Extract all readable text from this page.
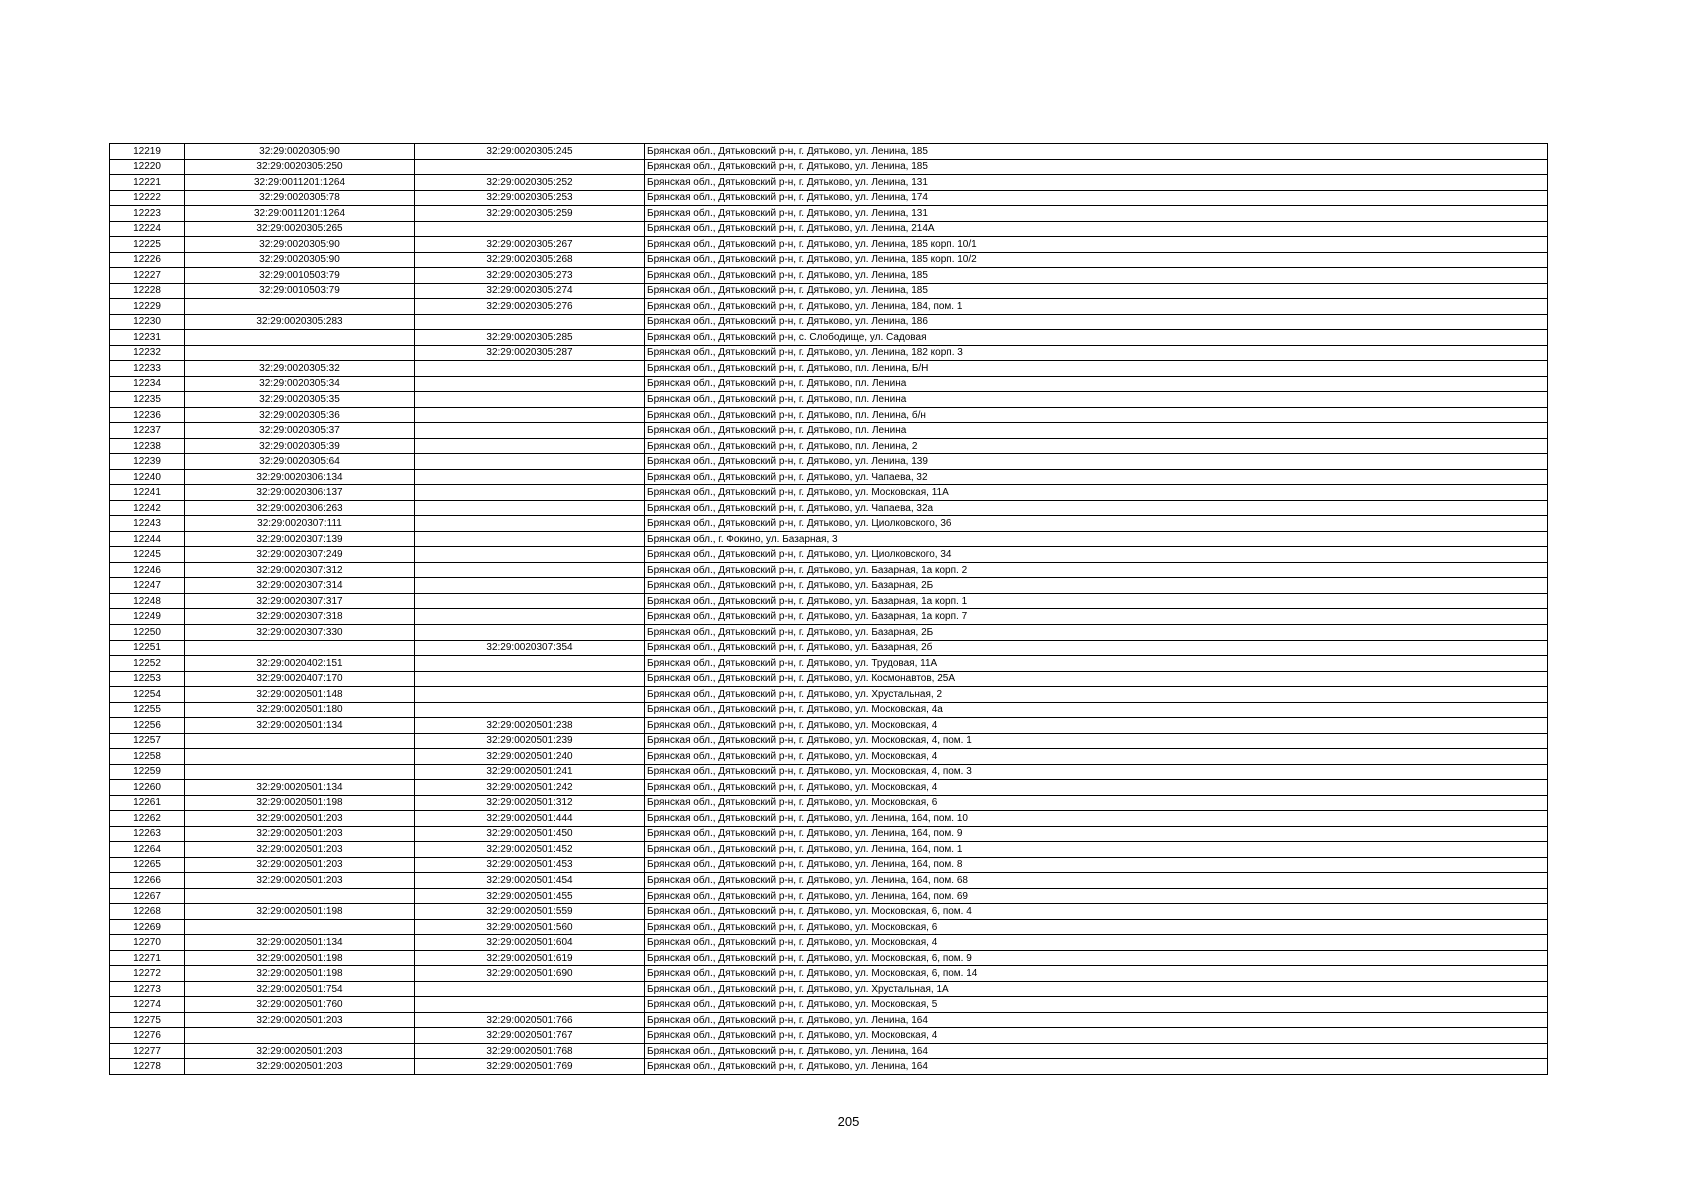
12219	32:29:0020305:90	32:29:0020305:245	Брянская обл., Дятьковский р-н, г. Дятьково, ул. Ленина, 185
12220	32:29:0020305:250		Брянская обл., Дятьковский р-н, г. Дятьково, ул. Ленина, 185
12221	32:29:0011201:1264	32:29:0020305:252	Брянская обл., Дятьковский р-н, г. Дятьково, ул. Ленина, 131
12222	32:29:0020305:78	32:29:0020305:253	Брянская обл., Дятьковский р-н, г. Дятьково, ул. Ленина, 174
12223	32:29:0011201:1264	32:29:0020305:259	Брянская обл., Дятьковский р-н, г. Дятьково, ул. Ленина, 131
12224	32:29:0020305:265		Брянская обл., Дятьковский р-н, г. Дятьково, ул. Ленина, 214А
12225	32:29:0020305:90	32:29:0020305:267	Брянская обл., Дятьковский р-н, г. Дятьково, ул. Ленина, 185 корп. 10/1
12226	32:29:0020305:90	32:29:0020305:268	Брянская обл., Дятьковский р-н, г. Дятьково, ул. Ленина, 185 корп. 10/2
12227	32:29:0010503:79	32:29:0020305:273	Брянская обл., Дятьковский р-н, г. Дятьково, ул. Ленина, 185
12228	32:29:0010503:79	32:29:0020305:274	Брянская обл., Дятьковский р-н, г. Дятьково, ул. Ленина, 185
12229		32:29:0020305:276	Брянская обл., Дятьковский р-н, г. Дятьково, ул. Ленина, 184, пом. 1
12230	32:29:0020305:283		Брянская обл., Дятьковский р-н, г. Дятьково, ул. Ленина, 186
12231		32:29:0020305:285	Брянская обл., Дятьковский р-н, с. Слободище, ул. Садовая
12232		32:29:0020305:287	Брянская обл., Дятьковский р-н, г. Дятьково, ул. Ленина, 182 корп. 3
12233	32:29:0020305:32		Брянская обл., Дятьковский р-н, г. Дятьково, пл. Ленина, Б/Н
12234	32:29:0020305:34		Брянская обл., Дятьковский р-н, г. Дятьково, пл. Ленина
12235	32:29:0020305:35		Брянская обл., Дятьковский р-н, г. Дятьково, пл. Ленина
12236	32:29:0020305:36		Брянская обл., Дятьковский р-н, г. Дятьково, пл. Ленина, б/н
12237	32:29:0020305:37		Брянская обл., Дятьковский р-н, г. Дятьково, пл. Ленина
12238	32:29:0020305:39		Брянская обл., Дятьковский р-н, г. Дятьково, пл. Ленина, 2
12239	32:29:0020305:64		Брянская обл., Дятьковский р-н, г. Дятьково, ул. Ленина, 139
12240	32:29:0020306:134		Брянская обл., Дятьковский р-н, г. Дятьково, ул. Чапаева, 32
12241	32:29:0020306:137		Брянская обл., Дятьковский р-н, г. Дятьково, ул. Московская, 11А
12242	32:29:0020306:263		Брянская обл., Дятьковский р-н, г. Дятьково, ул. Чапаева, 32а
12243	32:29:0020307:111		Брянская обл., Дятьковский р-н, г. Дятьково, ул. Циолковского, 36
12244	32:29:0020307:139		Брянская обл., г. Фокино, ул. Базарная, 3
12245	32:29:0020307:249		Брянская обл., Дятьковский р-н, г. Дятьково, ул. Циолковского, 34
12246	32:29:0020307:312		Брянская обл., Дятьковский р-н, г. Дятьково, ул. Базарная, 1а корп. 2
12247	32:29:0020307:314		Брянская обл., Дятьковский р-н, г. Дятьково, ул. Базарная, 2Б
12248	32:29:0020307:317		Брянская обл., Дятьковский р-н, г. Дятьково, ул. Базарная, 1а корп. 1
12249	32:29:0020307:318		Брянская обл., Дятьковский р-н, г. Дятьково, ул. Базарная, 1а корп. 7
12250	32:29:0020307:330		Брянская обл., Дятьковский р-н, г. Дятьково, ул. Базарная, 2Б
12251		32:29:0020307:354	Брянская обл., Дятьковский р-н, г. Дятьково, ул. Базарная, 2б
12252	32:29:0020402:151		Брянская обл., Дятьковский р-н, г. Дятьково, ул. Трудовая, 11А
12253	32:29:0020407:170		Брянская обл., Дятьковский р-н, г. Дятьково, ул. Космонавтов, 25А
12254	32:29:0020501:148		Брянская обл., Дятьковский р-н, г. Дятьково, ул. Хрустальная, 2
12255	32:29:0020501:180		Брянская обл., Дятьковский р-н, г. Дятьково, ул. Московская, 4а
12256	32:29:0020501:134	32:29:0020501:238	Брянская обл., Дятьковский р-н, г. Дятьково, ул. Московская, 4
12257		32:29:0020501:239	Брянская обл., Дятьковский р-н, г. Дятьково, ул. Московская, 4, пом. 1
12258		32:29:0020501:240	Брянская обл., Дятьковский р-н, г. Дятьково, ул. Московская, 4
12259		32:29:0020501:241	Брянская обл., Дятьковский р-н, г. Дятьково, ул. Московская, 4, пом. 3
12260	32:29:0020501:134	32:29:0020501:242	Брянская обл., Дятьковский р-н, г. Дятьково, ул. Московская, 4
12261	32:29:0020501:198	32:29:0020501:312	Брянская обл., Дятьковский р-н, г. Дятьково, ул. Московская, 6
12262	32:29:0020501:203	32:29:0020501:444	Брянская обл., Дятьковский р-н, г. Дятьково, ул. Ленина, 164, пом. 10
12263	32:29:0020501:203	32:29:0020501:450	Брянская обл., Дятьковский р-н, г. Дятьково, ул. Ленина, 164, пом. 9
12264	32:29:0020501:203	32:29:0020501:452	Брянская обл., Дятьковский р-н, г. Дятьково, ул. Ленина, 164, пом. 1
12265	32:29:0020501:203	32:29:0020501:453	Брянская обл., Дятьковский р-н, г. Дятьково, ул. Ленина, 164, пом. 8
12266	32:29:0020501:203	32:29:0020501:454	Брянская обл., Дятьковский р-н, г. Дятьково, ул. Ленина, 164, пом. 68
12267		32:29:0020501:455	Брянская обл., Дятьковский р-н, г. Дятьково, ул. Ленина, 164, пом. 69
12268	32:29:0020501:198	32:29:0020501:559	Брянская обл., Дятьковский р-н, г. Дятьково, ул. Московская, 6, пом. 4
12269		32:29:0020501:560	Брянская обл., Дятьковский р-н, г. Дятьково, ул. Московская, 6
12270	32:29:0020501:134	32:29:0020501:604	Брянская обл., Дятьковский р-н, г. Дятьково, ул. Московская, 4
12271	32:29:0020501:198	32:29:0020501:619	Брянская обл., Дятьковский р-н, г. Дятьково, ул. Московская, 6, пом. 9
12272	32:29:0020501:198	32:29:0020501:690	Брянская обл., Дятьковский р-н, г. Дятьково, ул. Московская, 6, пом. 14
12273	32:29:0020501:754		Брянская обл., Дятьковский р-н, г. Дятьково, ул. Хрустальная, 1А
12274	32:29:0020501:760		Брянская обл., Дятьковский р-н, г. Дятьково, ул. Московская, 5
12275	32:29:0020501:203	32:29:0020501:766	Брянская обл., Дятьковский р-н, г. Дятьково, ул. Ленина, 164
12276		32:29:0020501:767	Брянская обл., Дятьковский р-н, г. Дятьково, ул. Московская, 4
12277	32:29:0020501:203	32:29:0020501:768	Брянская обл., Дятьковский р-н, г. Дятьково, ул. Ленина, 164
12278	32:29:0020501:203	32:29:0020501:769	Брянская обл., Дятьковский р-н, г. Дятьково, ул. Ленина, 164
205
